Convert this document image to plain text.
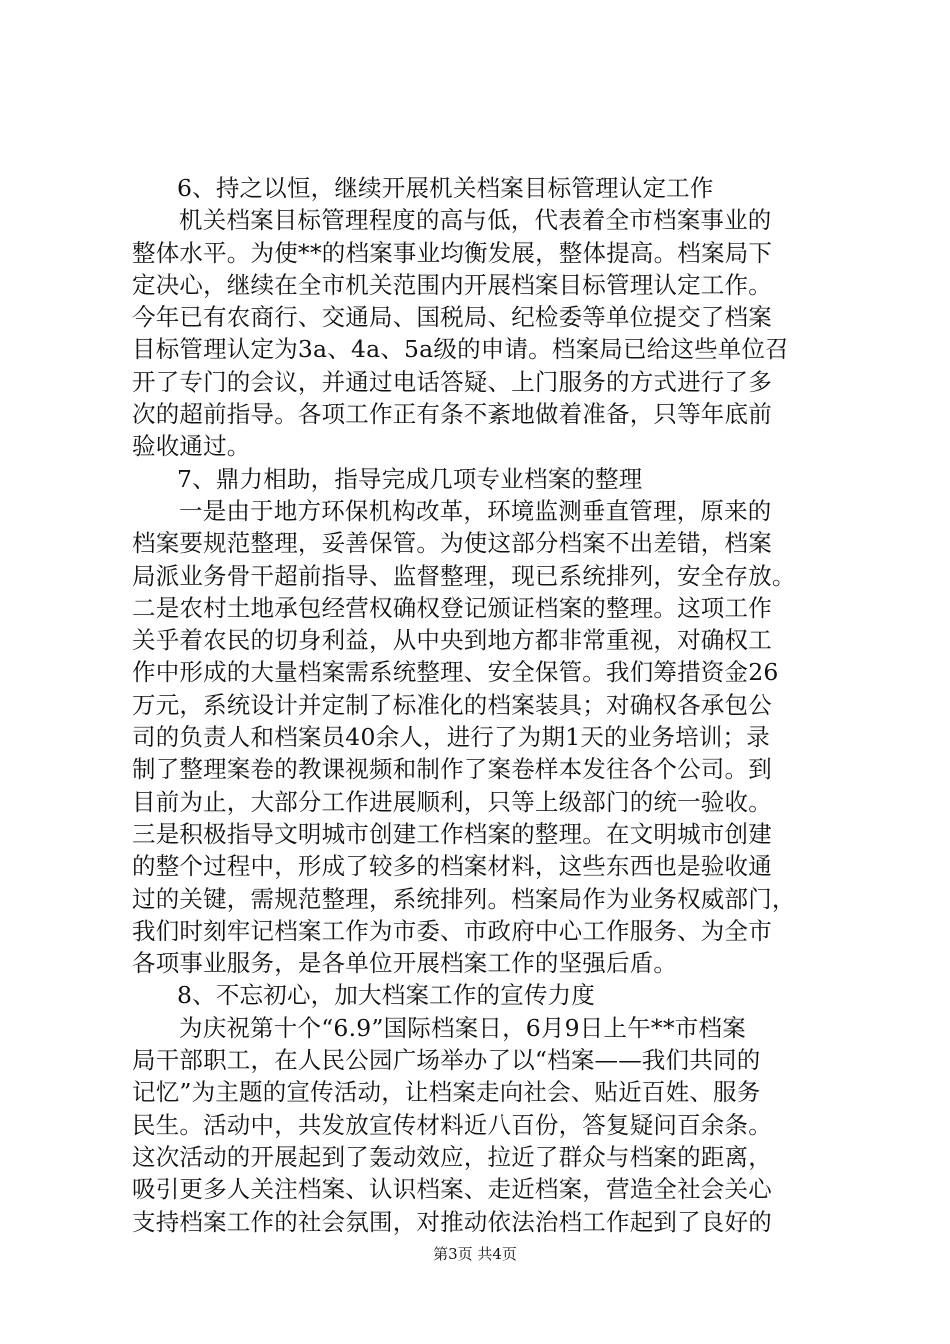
6、持之以恒，继续开展机关档案目标管理认定工作
机关档案目标管理程度的高与低，代表着全市档案事业的
整体水平。为使**的档案事业均衡发展，整体提高。档案局下
定决心，继续在全市机关范围内开展档案目标管理认定工作。
今年已有农商行、交通局、国税局、纪检委等单位提交了档案
目标管理认定为3a、4a、5a级的申请。档案局已给这些单位召
开了专门的会议，并通过电话答疑、上门服务的方式进行了多
次的超前指导。各项工作正有条不紊地做着准备，只等年底前
验收通过。
7、鼎力相助，指导完成几项专业档案的整理
一是由于地方环保机构改革，环境监测垂直管理，原来的
档案要规范整理，妥善保管。为使这部分档案不出差错，档案
局派业务骨干超前指导、监督整理，现已系统排列，安全存放。
二是农村土地承包经营权确权登记颁证档案的整理。这项工作
关乎着农民的切身利益，从中央到地方都非常重视，对确权工
作中形成的大量档案需系统整理、安全保管。我们筹措资金26
万元，系统设计并定制了标准化的档案装具；对确权各承包公
司的负责人和档案员40余人，进行了为期1天的业务培训；录
制了整理案卷的教课视频和制作了案卷样本发往各个公司。到
目前为止，大部分工作进展顺利，只等上级部门的统一验收。
三是积极指导文明城市创建工作档案的整理。在文明城市创建
的整个过程中，形成了较多的档案材料，这些东西也是验收通
过的关键，需规范整理，系统排列。档案局作为业务权威部门，
我们时刻牢记档案工作为市委、市政府中心工作服务、为全市
各项事业服务，是各单位开展档案工作的坚强后盾。
8、不忘初心，加大档案工作的宣传力度
为庆祝第十个“6.9”国际档案日，6月9日上午**市档案
局干部职工，在人民公园广场举办了以“档案——我们共同的
记忆”为主题的宣传活动，让档案走向社会、贴近百姓、服务
民生。活动中，共发放宣传材料近八百份，答复疑问百余条。
这次活动的开展起到了轰动效应，拉近了群众与档案的距离，
吸引更多人关注档案、认识档案、走近档案，营造全社会关心
支持档案工作的社会氛围，对推动依法治档工作起到了良好的
第3页 共4页
